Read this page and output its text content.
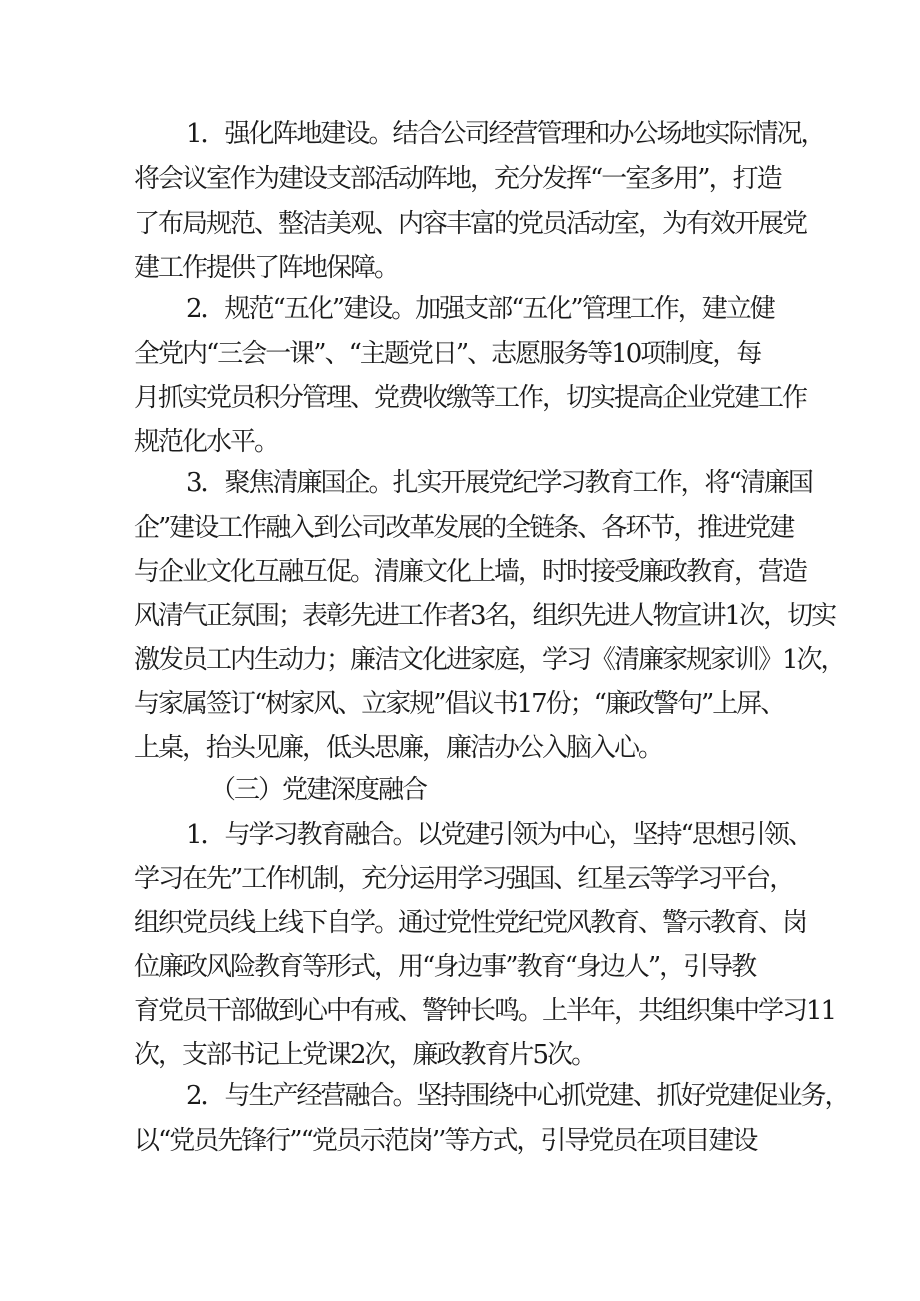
1．强化阵地建设。结合公司经营管理和办公场地实际情况，
将会议室作为建设支部活动阵地，充分发挥“一室多用”，打造
了布局规范、整洁美观、内容丰富的党员活动室，为有效开展党
建工作提供了阵地保障。
2．规范“五化”建设。加强支部“五化”管理工作，建立健
全党内“三会一课”、“主题党日”、志愿服务等10项制度，每
月抓实党员积分管理、党费收缴等工作，切实提高企业党建工作
规范化水平。
3．聚焦清廉国企。扎实开展党纪学习教育工作，将“清廉国
企”建设工作融入到公司改革发展的全链条、各环节，推进党建
与企业文化互融互促。清廉文化上墙，时时接受廉政教育，营造
风清气正氛围；表彰先进工作者3名，组织先进人物宣讲1次，切实
激发员工内生动力；廉洁文化进家庭，学习《清廉家规家训》1次，
与家属签订“树家风、立家规”倡议书17份；“廉政警句”上屏、
上桌，抬头见廉，低头思廉，廉洁办公入脑入心。
（三）党建深度融合
1．与学习教育融合。以党建引领为中心，坚持“思想引领、
学习在先”工作机制，充分运用学习强国、红星云等学习平台，
组织党员线上线下自学。通过党性党纪党风教育、警示教育、岗
位廉政风险教育等形式，用“身边事”教育“身边人”，引导教
育党员干部做到心中有戒、警钟长鸣。上半年，共组织集中学习11
次，支部书记上党课2次，廉政教育片5次。
2．与生产经营融合。坚持围绕中心抓党建、抓好党建促业务，
以“党员先锋行”“党员示范岗’’等方式，引导党员在项目建设
